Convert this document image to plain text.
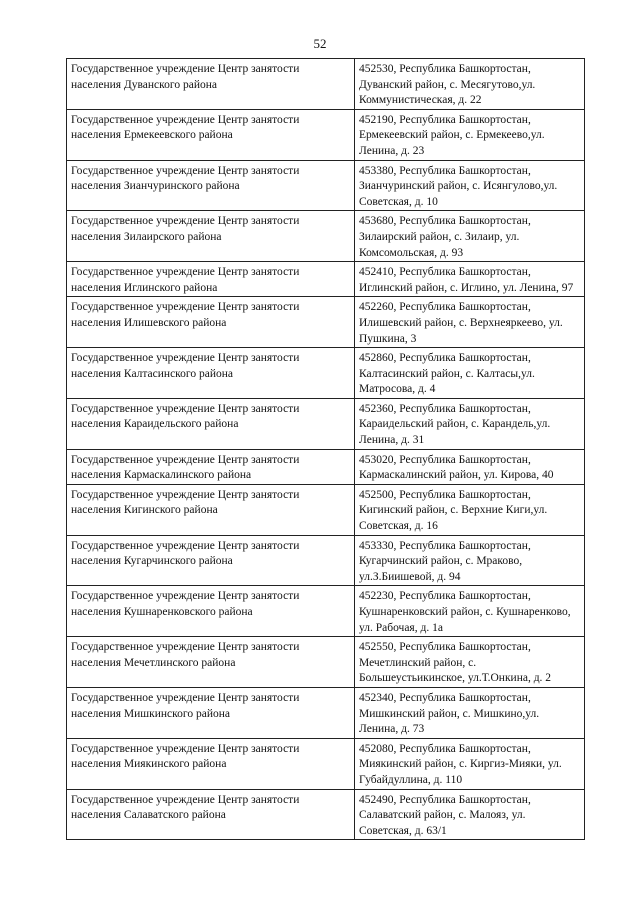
52
Государственное учреждение Центр занятости населения Дуванского района	452530, Республика Башкортостан, Дуванский район, с. Месягутово,ул. Коммунистическая, д. 22
Государственное учреждение Центр занятости населения Ермекеевского района	452190, Республика Башкортостан, Ермекеевский район, с. Ермекеево,ул. Ленина, д. 23
Государственное учреждение Центр занятости населения Зианчуринского района	453380, Республика Башкортостан, Зианчуринский район, с. Исянгулово,ул. Советская, д. 10
Государственное учреждение Центр занятости населения Зилаирского района	453680, Республика Башкортостан, Зилаирский район, с. Зилаир, ул. Комсомольская, д. 93
Государственное учреждение Центр занятости населения Иглинского района	452410, Республика Башкортостан, Иглинский район, с. Иглино, ул. Ленина, 97
Государственное учреждение Центр занятости населения Илишевского района	452260, Республика Башкортостан, Илишевский район, с. Верхнеяркеево, ул. Пушкина, 3
Государственное учреждение Центр занятости населения Калтасинского района	452860, Республика Башкортостан, Калтасинский район, с. Калтасы,ул. Матросова, д. 4
Государственное учреждение Центр занятости населения Караидельского района	452360, Республика Башкортостан, Караидельский район, с. Карандель,ул. Ленина, д. 31
Государственное учреждение Центр занятости населения Кармаскалинского района	453020, Республика Башкортостан, Кармаскалинский район, ул. Кирова, 40
Государственное учреждение Центр занятости населения Кигинского района	452500, Республика Башкортостан, Кигинский район, с. Верхние Киги,ул. Советская, д. 16
Государственное учреждение Центр занятости населения Кугарчинского района	453330, Республика Башкортостан, Кугарчинский район, с. Мраково, ул.З.Биишевой, д. 94
Государственное учреждение Центр занятости населения Кушнаренковского района	452230, Республика Башкортостан, Кушнаренковский район, с. Кушнаренково, ул. Рабочая, д. 1а
Государственное учреждение Центр занятости населения Мечетлинского района	452550, Республика Башкортостан, Мечетлинский район, с. Большеустьикинское, ул.Т.Онкина, д. 2
Государственное учреждение Центр занятости населения Мишкинского района	452340, Республика Башкортостан, Мишкинский район, с. Мишкино,ул. Ленина, д. 73
Государственное учреждение Центр занятости населения Миякинского района	452080, Республика Башкортостан, Миякинский район, с. Киргиз-Мияки, ул. Губайдуллина, д. 110
Государственное учреждение Центр занятости населения Салаватского района	452490, Республика Башкортостан, Салаватский район, с. Малояз, ул. Советская, д. 63/1
